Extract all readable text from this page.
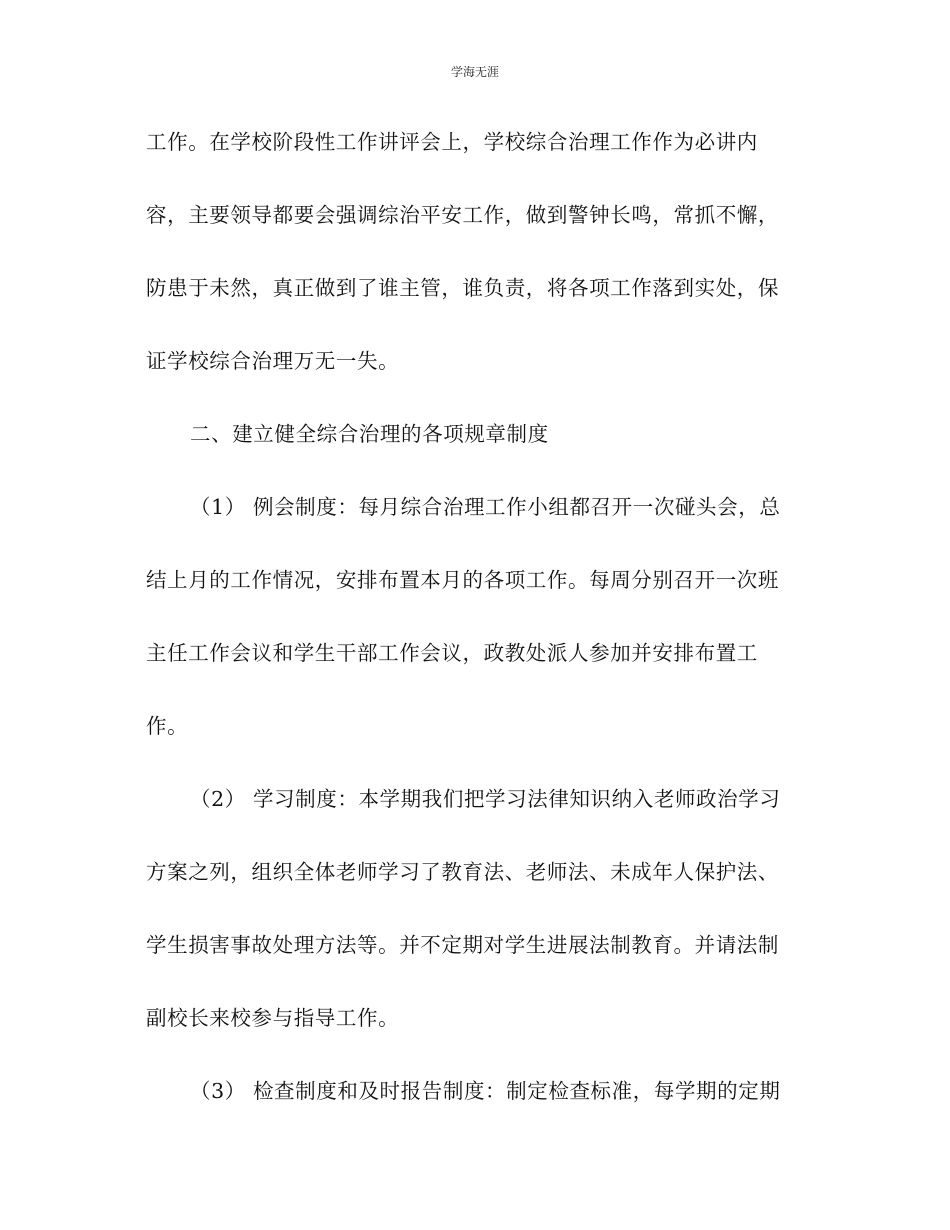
学海无涯
工作。在学校阶段性工作讲评会上，学校综合治理工作作为必讲内
容，主要领导都要会强调综治平安工作，做到警钟长鸣，常抓不懈，
防患于未然，真正做到了谁主管，谁负责，将各项工作落到实处，保
证学校综合治理万无一失。
二、建立健全综合治理的各项规章制度
（1） 例会制度：每月综合治理工作小组都召开一次碰头会，总
结上月的工作情况，安排布置本月的各项工作。每周分别召开一次班
主任工作会议和学生干部工作会议，政教处派人参加并安排布置工
作。
（2） 学习制度：本学期我们把学习法律知识纳入老师政治学习
方案之列，组织全体老师学习了教育法、老师法、未成年人保护法、
学生损害事故处理方法等。并不定期对学生进展法制教育。并请法制
副校长来校参与指导工作。
（3） 检查制度和及时报告制度：制定检查标准，每学期的定期
